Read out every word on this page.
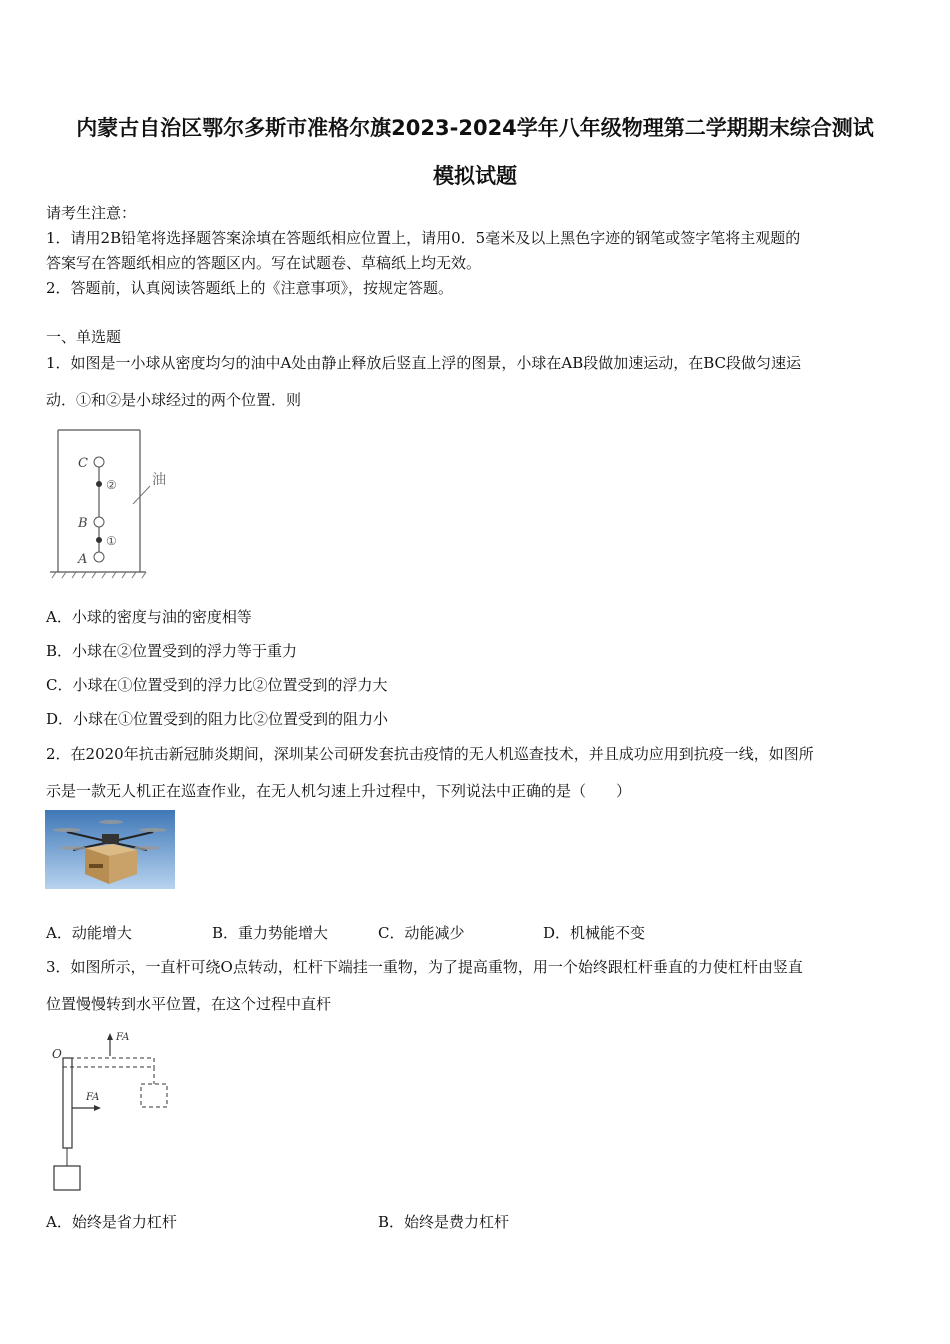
内蒙古自治区鄂尔多斯市准格尔旗2023-2024学年八年级物理第二学期期末综合测试
模拟试题
请考生注意：
1．请用2B铅笔将选择题答案涂填在答题纸相应位置上，请用0．5毫米及以上黑色字迹的钢笔或签字笔将主观题的
答案写在答题纸相应的答题区内。写在试题卷、草稿纸上均无效。
2．答题前，认真阅读答题纸上的《注意事项》，按规定答题。
一、单选题
1．如图是一小球从密度均匀的油中A处由静止释放后竖直上浮的图景，小球在AB段做加速运动，在BC段做匀速运
动．①和②是小球经过的两个位置．则
C
B
A
②
①
油
A．小球的密度与油的密度相等
B．小球在②位置受到的浮力等于重力
C．小球在①位置受到的浮力比②位置受到的浮力大
D．小球在①位置受到的阻力比②位置受到的阻力小
2．在2020年抗击新冠肺炎期间，深圳某公司研发套抗击疫情的无人机巡查技术，并且成功应用到抗疫一线，如图所
示是一款无人机正在巡查作业，在无人机匀速上升过程中，下列说法中正确的是（　　）
A．动能增大	B．重力势能增大	C．动能减少	D．机械能不变
3．如图所示，一直杆可绕O点转动，杠杆下端挂一重物，为了提高重物，用一个始终跟杠杆垂直的力使杠杆由竖直
位置慢慢转到水平位置，在这个过程中直杆
O
FA
FA
A．始终是省力杠杆	B．始终是费力杠杆
